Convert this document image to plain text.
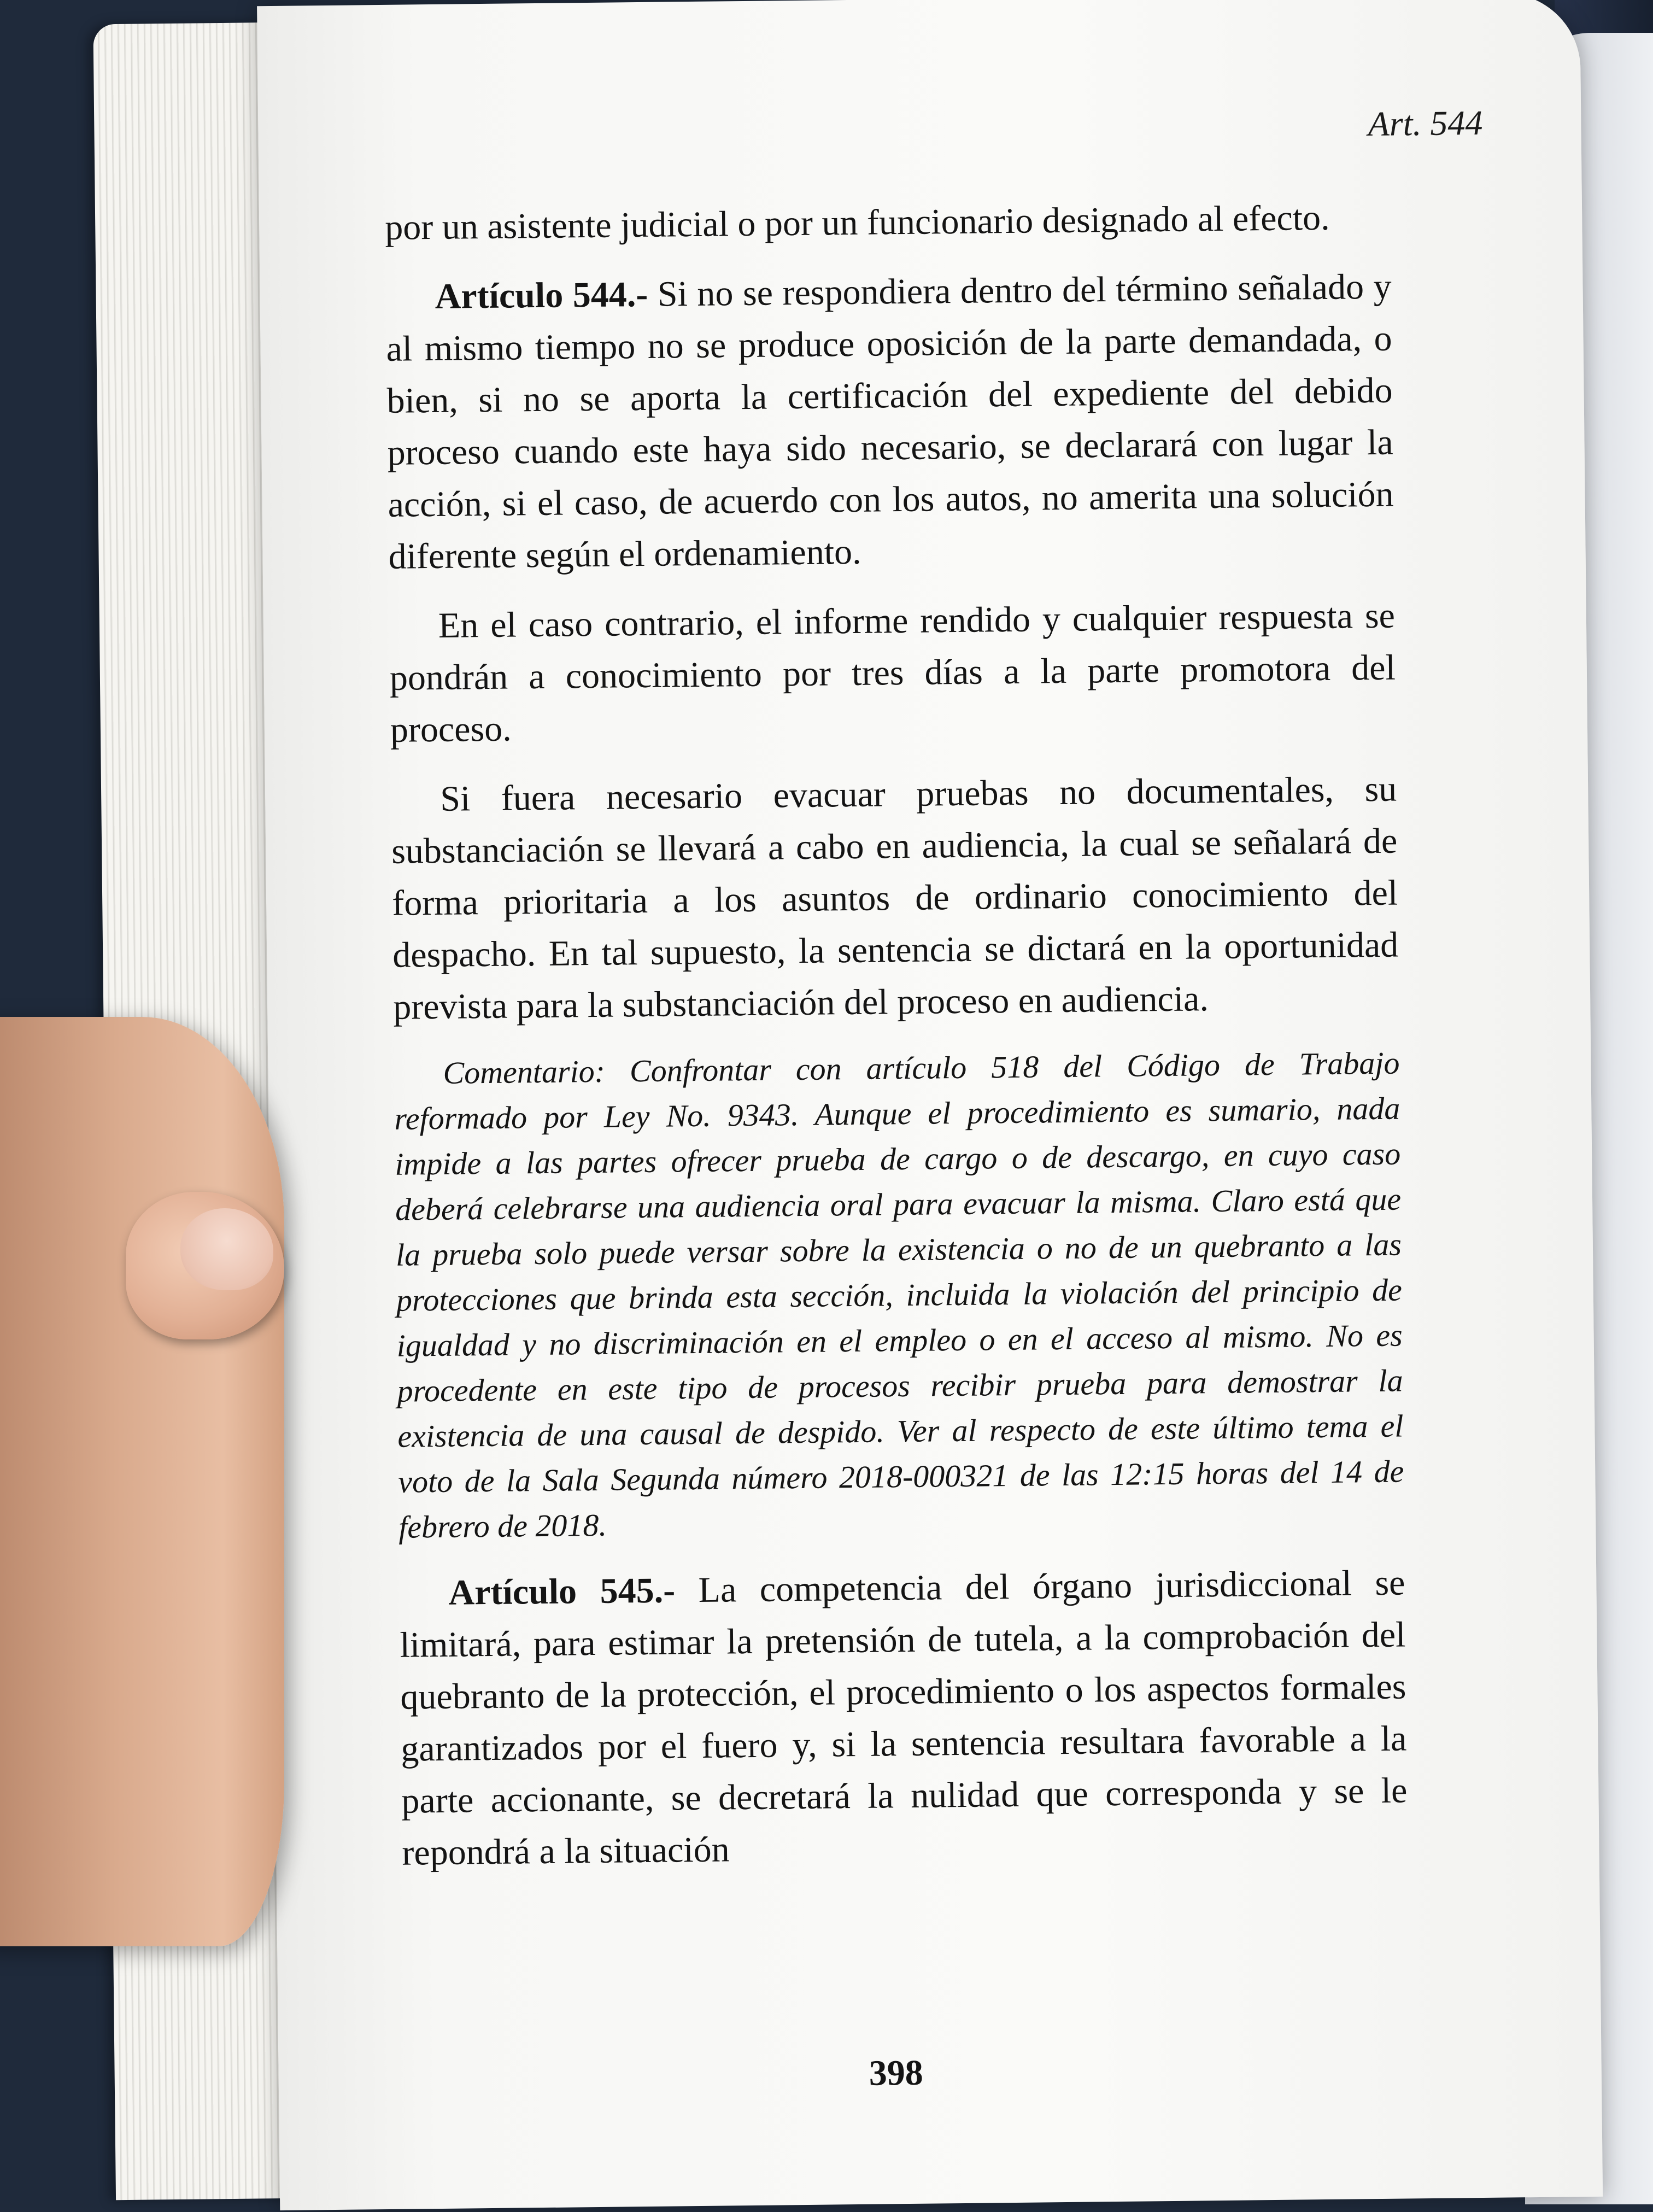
Art. 544

por un asistente judicial o por un funcionario designado al efecto.

Artículo 544.- Si no se respondiera dentro del término señalado y al mismo tiempo no se produce oposición de la parte demandada, o bien, si no se aporta la certificación del expediente del debido proceso cuando este haya sido necesario, se declarará con lugar la acción, si el caso, de acuerdo con los autos, no amerita una solución diferente según el ordenamiento.

En el caso contrario, el informe rendido y cualquier respuesta se pondrán a conocimiento por tres días a la parte promotora del proceso.

Si fuera necesario evacuar pruebas no documentales, su substanciación se llevará a cabo en audiencia, la cual se señalará de forma prioritaria a los asuntos de ordinario conocimiento del despacho. En tal supuesto, la sentencia se dictará en la oportunidad prevista para la substanciación del proceso en audiencia.

Comentario: Confrontar con artículo 518 del Código de Trabajo reformado por Ley No. 9343. Aunque el procedimiento es sumario, nada impide a las partes ofrecer prueba de cargo o de descargo, en cuyo caso deberá celebrarse una audiencia oral para evacuar la misma. Claro está que la prueba solo puede versar sobre la existencia o no de un quebranto a las protecciones que brinda esta sección, incluida la violación del principio de igualdad y no discriminación en el empleo o en el acceso al mismo. No es procedente en este tipo de procesos recibir prueba para demostrar la existencia de una causal de despido. Ver al respecto de este último tema el voto de la Sala Segunda número 2018-000321 de las 12:15 horas del 14 de febrero de 2018.

Artículo 545.- La competencia del órgano jurisdiccional se limitará, para estimar la pretensión de tutela, a la comprobación del quebranto de la protección, el procedimiento o los aspectos formales garantizados por el fuero y, si la sentencia resultara favorable a la parte accionante, se decretará la nulidad que corresponda y se le repondrá a la situación

398
